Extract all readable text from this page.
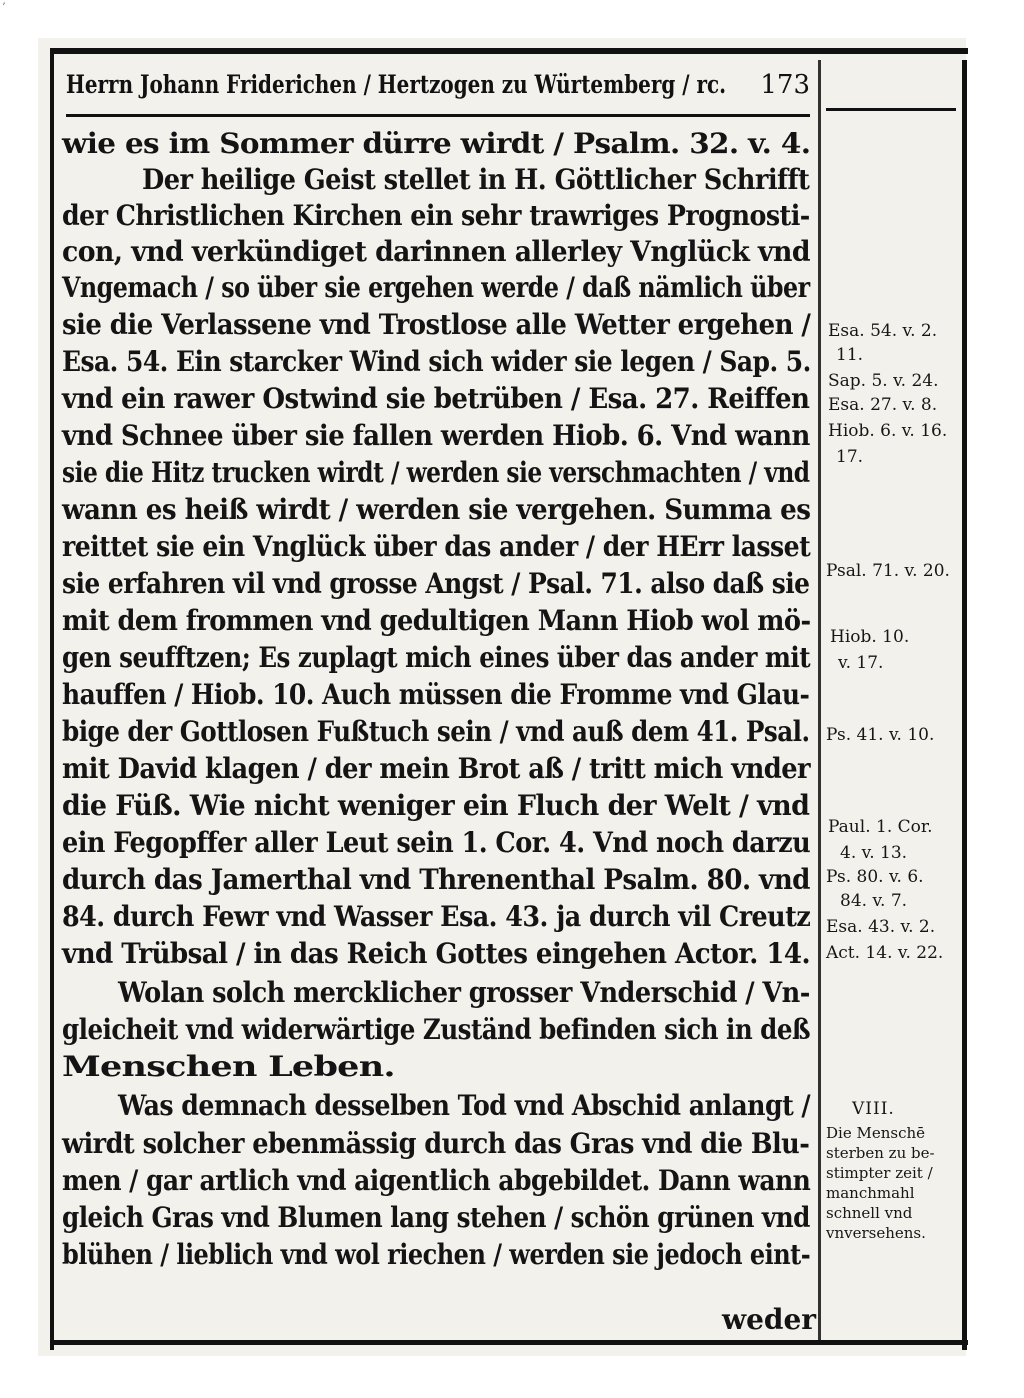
ʼ
Herrn Johann Friderichen / Hertzogen zu Würtemberg / rc. 173
wie es im Sommer dürre wirdt / Psalm. 32. v. 4.
Der heilige Geist stellet in H. Göttlicher Schrifft
der Christlichen Kirchen ein sehr trawriges Prognosti-
con, vnd verkündiget darinnen allerley Vnglück vnd
Vngemach / so über sie ergehen werde / daß nämlich über
sie die Verlassene vnd Trostlose alle Wetter ergehen /
Esa. 54. Ein starcker Wind sich wider sie legen / Sap. 5.
vnd ein rawer Ostwind sie betrüben / Esa. 27. Reiffen
vnd Schnee über sie fallen werden Hiob. 6. Vnd wann
sie die Hitz trucken wirdt / werden sie verschmachten / vnd
wann es heiß wirdt / werden sie vergehen. Summa es
reittet sie ein Vnglück über das ander / der HErr lasset
sie erfahren vil vnd grosse Angst / Psal. 71. also daß sie
mit dem frommen vnd gedultigen Mann Hiob wol mö-
gen seufftzen; Es zuplagt mich eines über das ander mit
hauffen / Hiob. 10. Auch müssen die Fromme vnd Glau-
bige der Gottlosen Fußtuch sein / vnd auß dem 41. Psal.
mit David klagen / der mein Brot aß / tritt mich vnder
die Füß. Wie nicht weniger ein Fluch der Welt / vnd
ein Fegopffer aller Leut sein 1. Cor. 4. Vnd noch darzu
durch das Jamerthal vnd Threnenthal Psalm. 80. vnd
84. durch Fewr vnd Wasser Esa. 43. ja durch vil Creutz
vnd Trübsal / in das Reich Gottes eingehen Actor. 14.
Wolan solch mercklicher grosser Vnderschid / Vn-
gleicheit vnd widerwärtige Zuständ befinden sich in deß
Menschen Leben.
Was demnach desselben Tod vnd Abschid anlangt /
wirdt solcher ebenmässig durch das Gras vnd die Blu-
men / gar artlich vnd aigentlich abgebildet. Dann wann
gleich Gras vnd Blumen lang stehen / schön grünen vnd
blühen / lieblich vnd wol riechen / werden sie jedoch eint-
Esa. 54. v. 2.
11.
Sap. 5. v. 24.
Esa. 27. v. 8.
Hiob. 6. v. 16.
17.
Psal. 71. v. 20.
Hiob. 10.
v. 17.
Ps. 41. v. 10.
Paul. 1. Cor.
4. v. 13.
Ps. 80. v. 6.
84. v. 7.
Esa. 43. v. 2.
Act. 14. v. 22.
VIII.
Die Menschē
sterben zu be-
stimpter zeit /
manchmahl
schnell vnd
vnversehens.
weder
